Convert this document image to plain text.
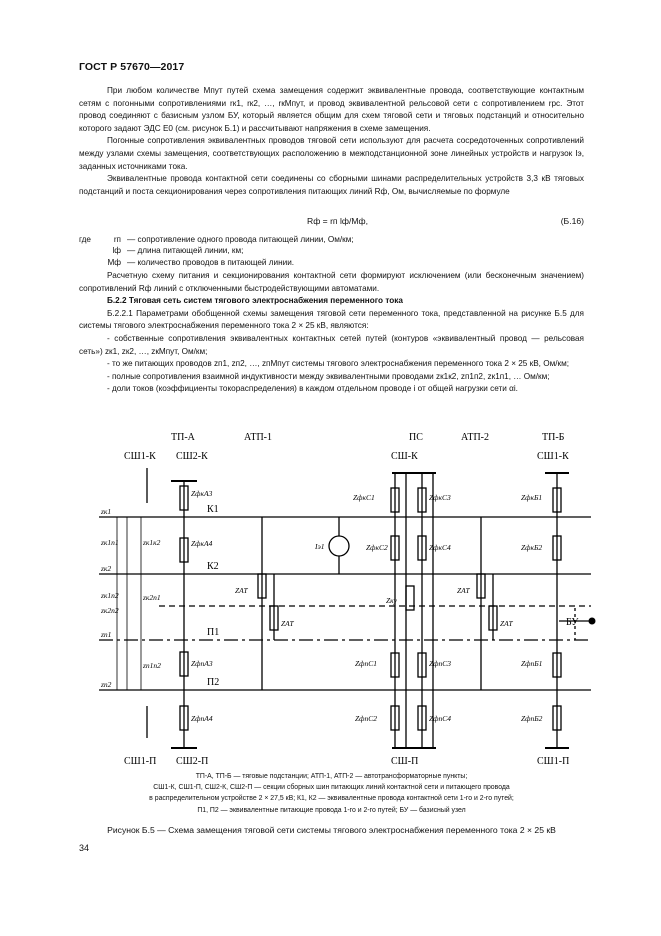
ГОСТ Р 57670—2017

При любом количестве Mпут путей схема замещения содержит эквивалентные провода, соответствующие контактным сетям с погонными сопротивлениями rк1, rк2, …, rкMпут, и провод эквивалентной рельсовой сети с сопротивлением rрс. Этот провод соединяют с базисным узлом БУ, который является общим для схем тяговой сети и тяговых подстанций и относительно которого задают ЭДС E0 (см. рисунок Б.1) и рассчитывают напряжения в схеме замещения.

Погонные сопротивления эквивалентных проводов тяговой сети используют для расчета сосредоточенных сопротивлений между узлами схемы замещения, соответствующих расположению в межподстанционной зоне линейных устройств и нагрузок Iэ, заданных источниками тока.

Эквивалентные провода контактной сети соединены со сборными шинами распределительных устройств 3,3 кВ тяговых подстанций и поста секционирования через сопротивления питающих линий Rф, Ом, вычисляемые по формуле

Rф = rп lф/Mф,	(Б.16)
где	rп — сопротивление одного провода питающей линии, Ом/км;
lф — длина питающей линии, км;
Mф — количество проводов в питающей линии.

Расчетную схему питания и секционирования контактной сети формируют исключением (или бесконечным значением) сопротивлений Rф линий с отключенными быстродействующими автоматами.

Б.2.2 Тяговая сеть систем тягового электроснабжения переменного тока

Б.2.2.1 Параметрами обобщенной схемы замещения тяговой сети переменного тока, представленной на рисунке Б.5 для системы тягового электроснабжения переменного тока 2 × 25 кВ, являются:

- собственные сопротивления эквивалентных контактных сетей путей (контуров «эквивалентный провод — рельсовая сеть») zк1, zк2, …, zкMпут, Ом/км;

- то же питающих проводов zп1, zп2, …, zпMпут системы тягового электроснабжения переменного тока 2 × 25 кВ, Ом/км;

- полные сопротивления взаимной индуктивности между эквивалентными проводами zк1к2, zп1п2, zк1п1, … Ом/км;

- доли токов (коэффициенты токораспределения) в каждом отдельном проводе i от общей нагрузки сети αi.

ТП-А	АТП-1	ПС	АТП-2	ТП-Б
СШ1-К СШ2-К	СШ-К	СШ1-К
СШ1-П СШ2-П	СШ-П	СШ1-П
К1
К2
П1
П2
БУ
zк1
zк2
zп1
zп2
zк1п1	zк1к2
zк1п2
zк2п2
zк2п1
zп1п2
ZфкА3
ZфкА4
ZфкС1
ZфкС2
ZфкС3
ZфкС4
ZфкБ1
ZфкБ2
ZАТ
ZАТ
ZАТ
ZАТ
Zку
Iэ1
ZфпА3
ZфпА4
ZфпС1
ZфпС2
ZфпС3
ZфпС4
ZфпБ1
ZфпБ2
ТП-А, ТП-Б — тяговые подстанции; АТП-1, АТП-2 — автотрансформаторные пункты;
СШ1-К, СШ1-П, СШ2-К, СШ2-П — секции сборных шин питающих линий контактной сети и питающего провода
в распределительном устройстве 2 × 27,5 кВ; К1, К2 — эквивалентные провода контактной сети 1-го и 2-го путей;
П1, П2 — эквивалентные питающие провода 1-го и 2-го путей; БУ — базисный узел
Рисунок Б.5 — Схема замещения тяговой сети системы тягового электроснабжения переменного тока 2 × 25 кВ
34
